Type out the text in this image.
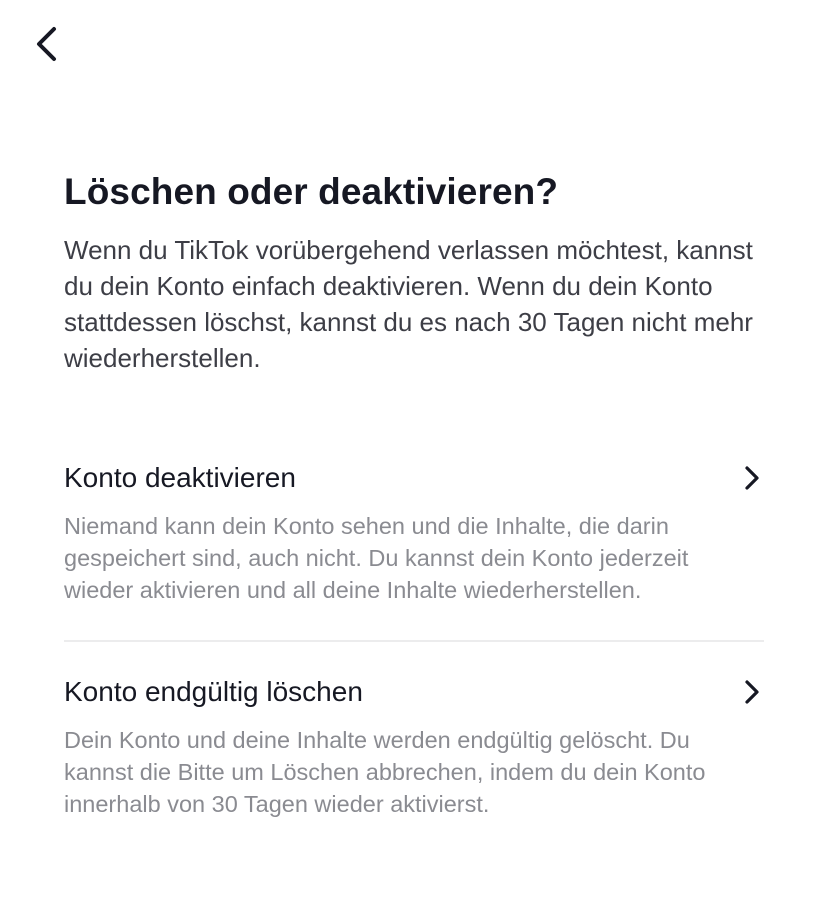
Löschen oder deaktivieren?

Wenn du TikTok vorübergehend verlassen möchtest, kannst du dein Konto einfach deaktivieren. Wenn du dein Konto stattdessen löschst, kannst du es nach 30 Tagen nicht mehr wiederherstellen.

Konto deaktivieren

Niemand kann dein Konto sehen und die Inhalte, die darin gespeichert sind, auch nicht. Du kannst dein Konto jederzeit wieder aktivieren und all deine Inhalte wiederherstellen.

Konto endgültig löschen

Dein Konto und deine Inhalte werden endgültig gelöscht. Du kannst die Bitte um Löschen abbrechen, indem du dein Konto innerhalb von 30 Tagen wieder aktivierst.
